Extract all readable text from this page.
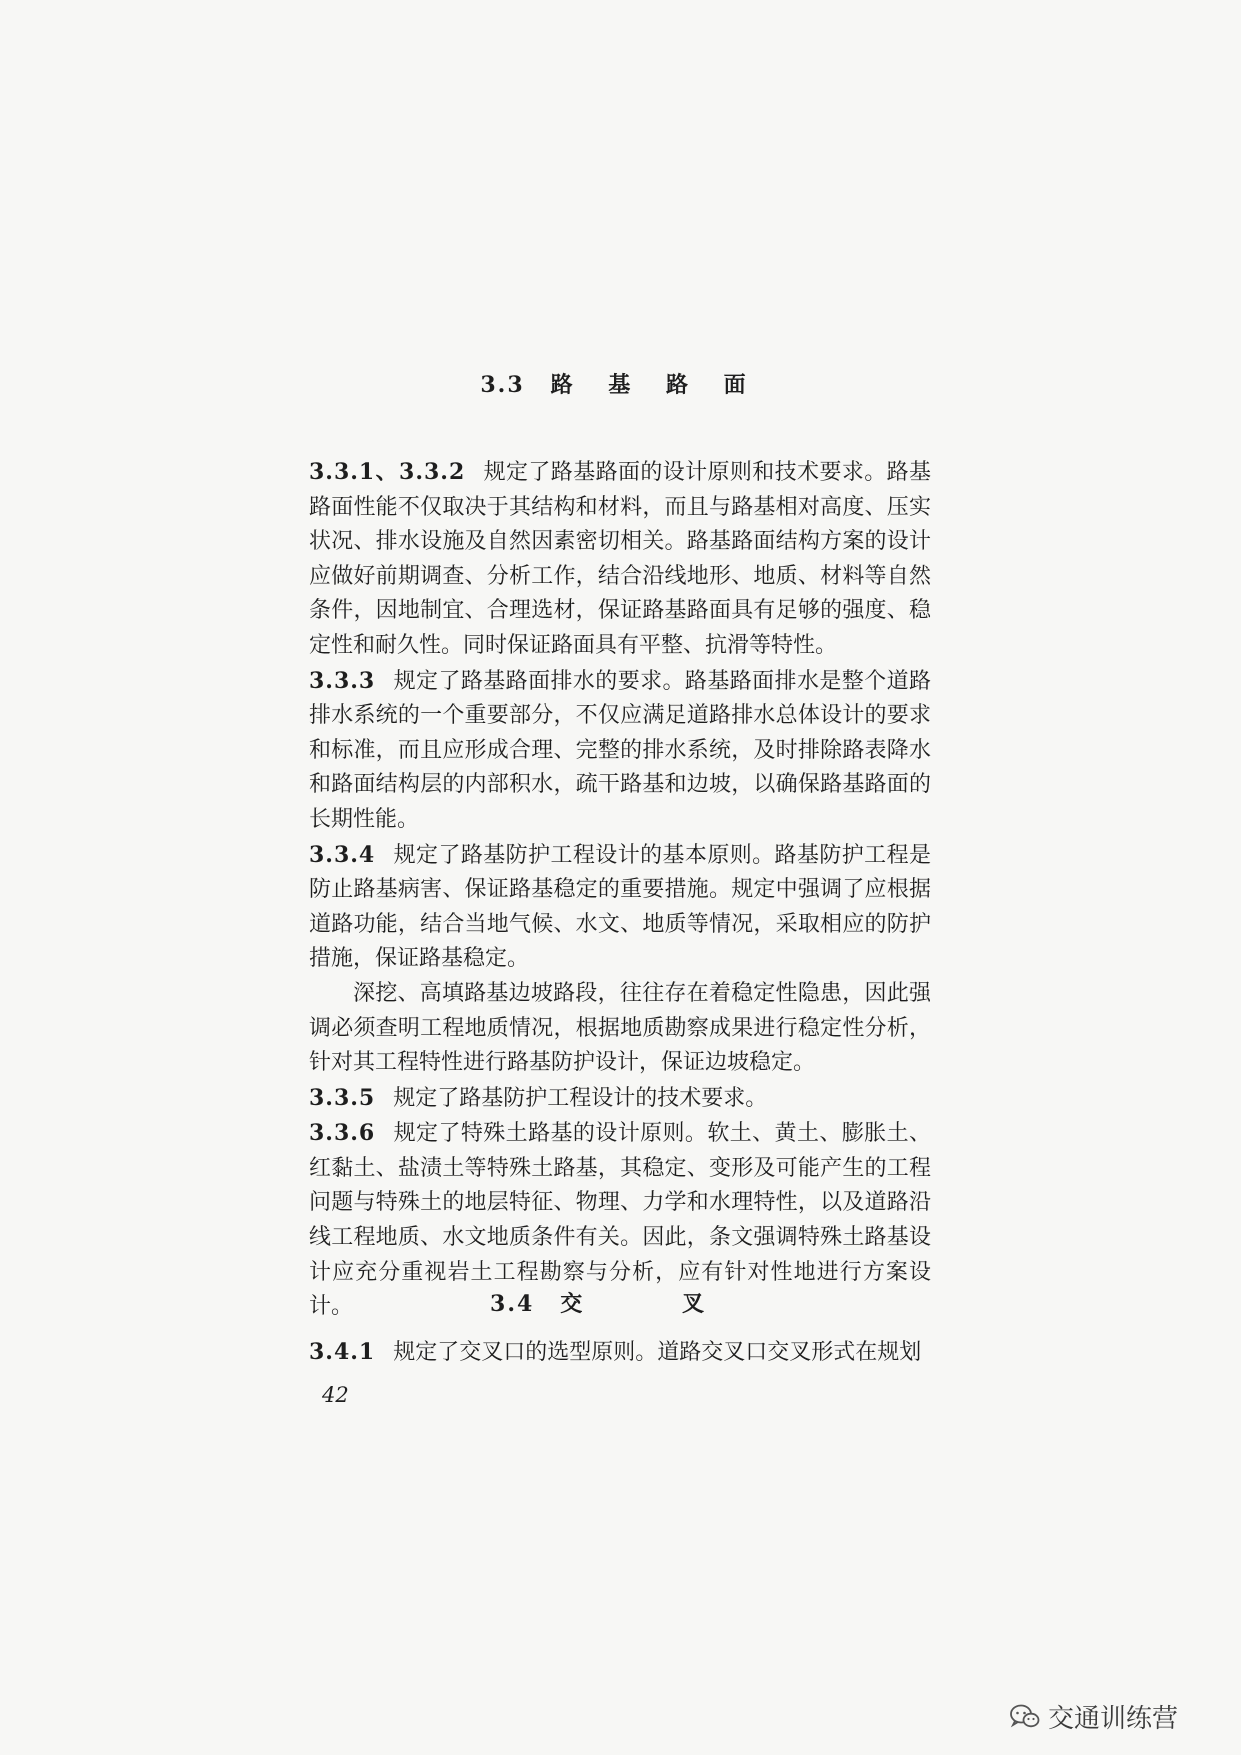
3.3 路 基 路 面

3.3.1、3.3.2 规定了路基路面的设计原则和技术要求。路基路面性能不仅取决于其结构和材料，而且与路基相对高度、压实状况、排水设施及自然因素密切相关。路基路面结构方案的设计应做好前期调查、分析工作，结合沿线地形、地质、材料等自然条件，因地制宜、合理选材，保证路基路面具有足够的强度、稳定性和耐久性。同时保证路面具有平整、抗滑等特性。

3.3.3 规定了路基路面排水的要求。路基路面排水是整个道路排水系统的一个重要部分，不仅应满足道路排水总体设计的要求和标准，而且应形成合理、完整的排水系统，及时排除路表降水和路面结构层的内部积水，疏干路基和边坡，以确保路基路面的长期性能。

3.3.4 规定了路基防护工程设计的基本原则。路基防护工程是防止路基病害、保证路基稳定的重要措施。规定中强调了应根据道路功能，结合当地气候、水文、地质等情况，采取相应的防护措施，保证路基稳定。

深挖、高填路基边坡路段，往往存在着稳定性隐患，因此强调必须查明工程地质情况，根据地质勘察成果进行稳定性分析，针对其工程特性进行路基防护设计，保证边坡稳定。

3.3.5 规定了路基防护工程设计的技术要求。

3.3.6 规定了特殊土路基的设计原则。软土、黄土、膨胀土、红黏土、盐渍土等特殊土路基，其稳定、变形及可能产生的工程问题与特殊土的地层特征、物理、力学和水理特性，以及道路沿线工程地质、水文地质条件有关。因此，条文强调特殊土路基设计应充分重视岩土工程勘察与分析，应有针对性地进行方案设计。	3.4 交 叉

3.4.1 规定了交叉口的选型原则。道路交叉口交叉形式在规划

42
交通训练营
